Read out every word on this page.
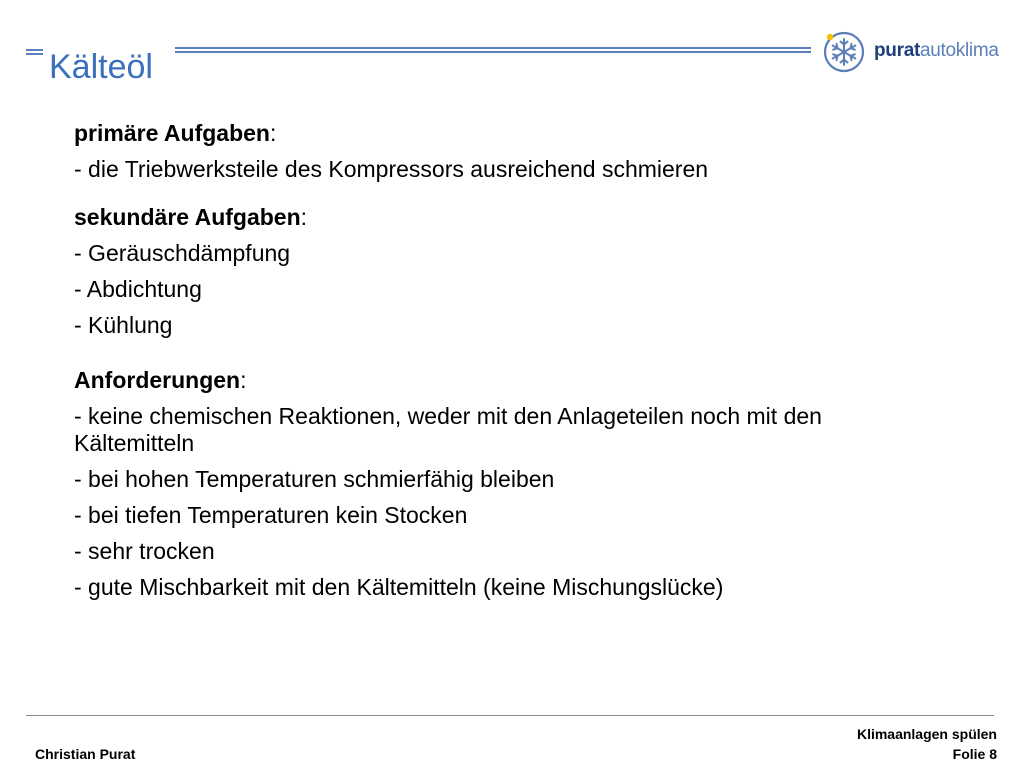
Kälteöl	puratautoklima

primäre Aufgaben:

- die Triebwerksteile des Kompressors ausreichend schmieren

sekundäre Aufgaben:

- Geräuschdämpfung

- Abdichtung

- Kühlung

Anforderungen:

- keine chemischen Reaktionen, weder mit den Anlageteilen noch mit den Kältemitteln

- bei hohen Temperaturen schmierfähig bleiben

- bei tiefen Temperaturen kein Stocken

- sehr trocken

- gute Mischbarkeit mit den Kältemitteln (keine Mischungslücke)

Christian Purat
Klimaanlagen spülen
Folie 8
